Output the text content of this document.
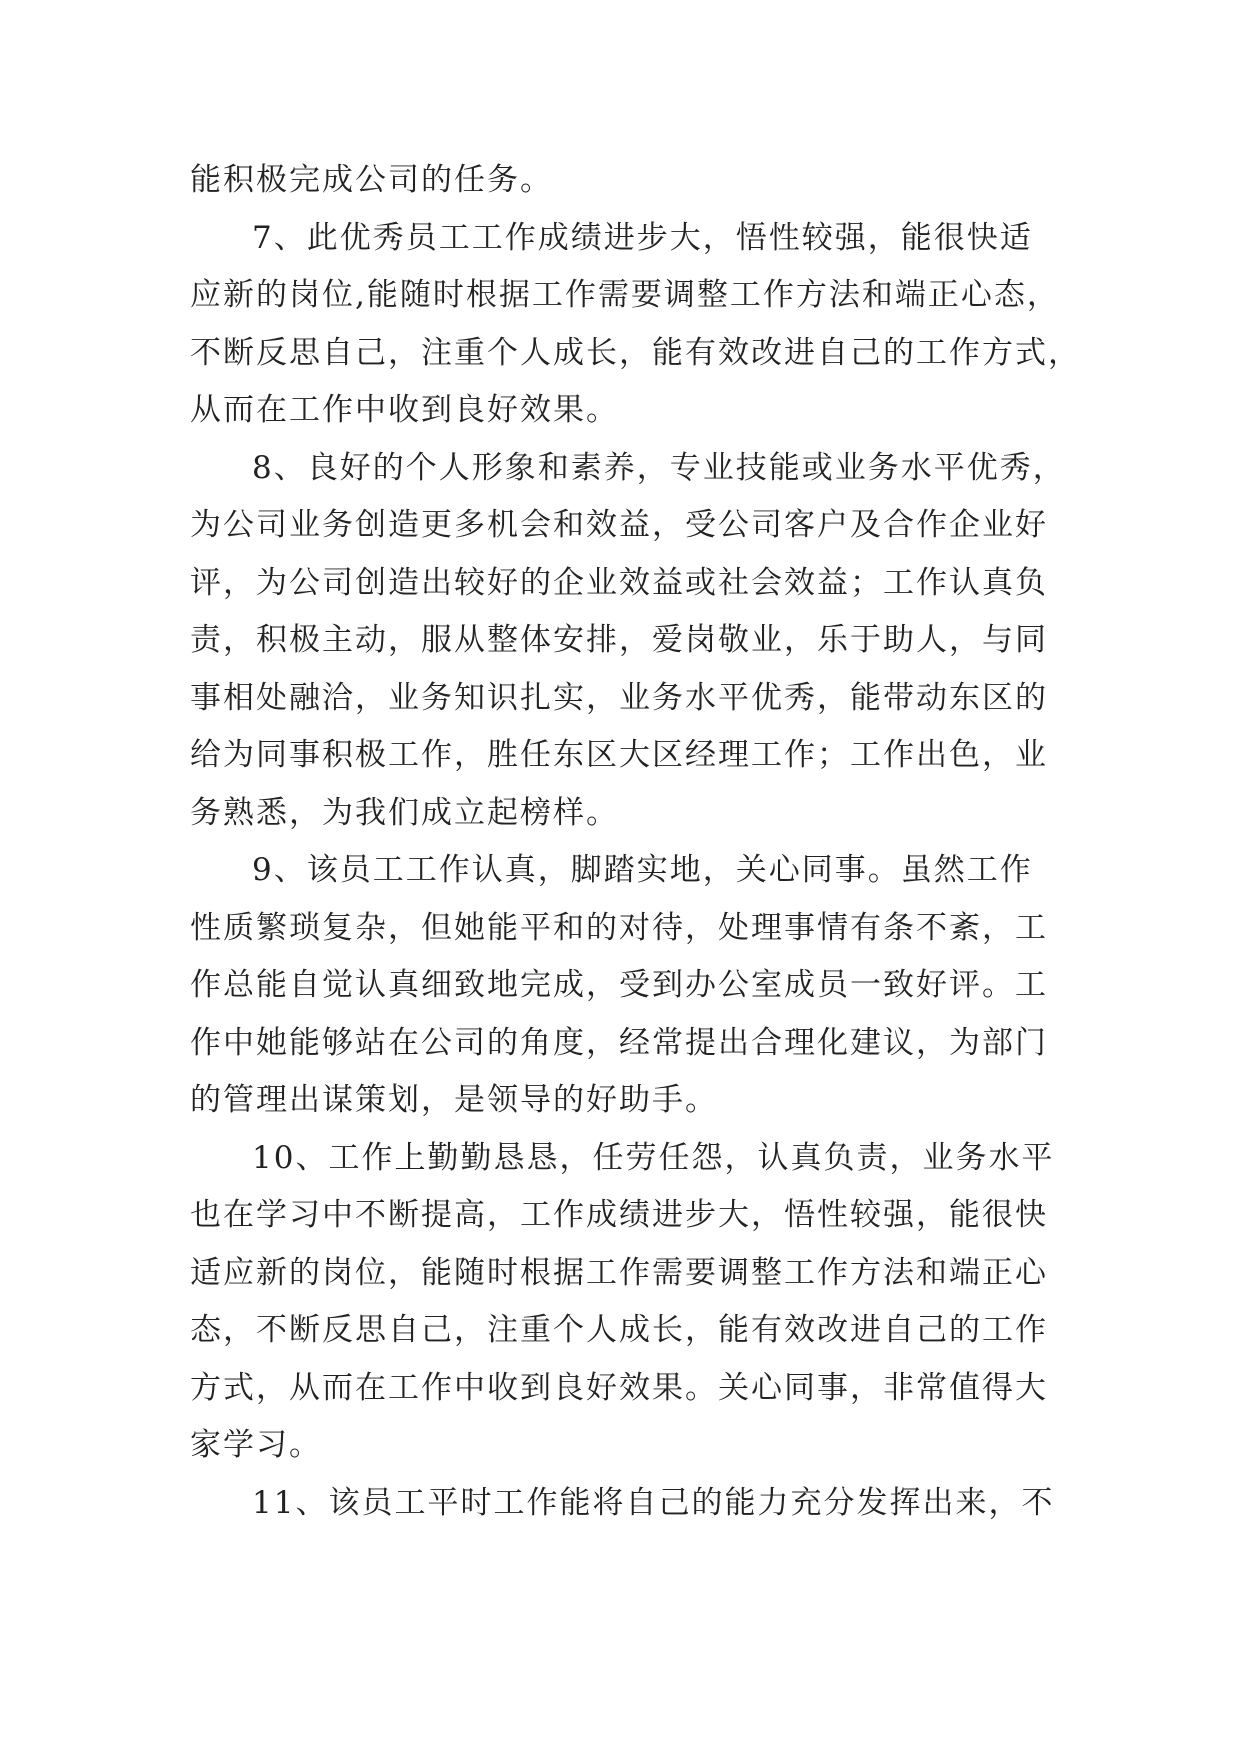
能积极完成公司的任务。
7、此优秀员工工作成绩进步大，悟性较强，能很快适
应新的岗位,能随时根据工作需要调整工作方法和端正心态，
不断反思自己，注重个人成长，能有效改进自己的工作方式，
从而在工作中收到良好效果。
8、良好的个人形象和素养，专业技能或业务水平优秀，
为公司业务创造更多机会和效益，受公司客户及合作企业好
评，为公司创造出较好的企业效益或社会效益；工作认真负
责，积极主动，服从整体安排，爱岗敬业，乐于助人，与同
事相处融洽，业务知识扎实，业务水平优秀，能带动东区的
给为同事积极工作，胜任东区大区经理工作；工作出色，业
务熟悉，为我们成立起榜样。
9、该员工工作认真，脚踏实地，关心同事。虽然工作
性质繁琐复杂，但她能平和的对待，处理事情有条不紊，工
作总能自觉认真细致地完成，受到办公室成员一致好评。工
作中她能够站在公司的角度，经常提出合理化建议，为部门
的管理出谋策划，是领导的好助手。
10、工作上勤勤恳恳，任劳任怨，认真负责，业务水平
也在学习中不断提高，工作成绩进步大，悟性较强，能很快
适应新的岗位，能随时根据工作需要调整工作方法和端正心
态，不断反思自己，注重个人成长，能有效改进自己的工作
方式，从而在工作中收到良好效果。关心同事，非常值得大
家学习。
11、该员工平时工作能将自己的能力充分发挥出来，不
